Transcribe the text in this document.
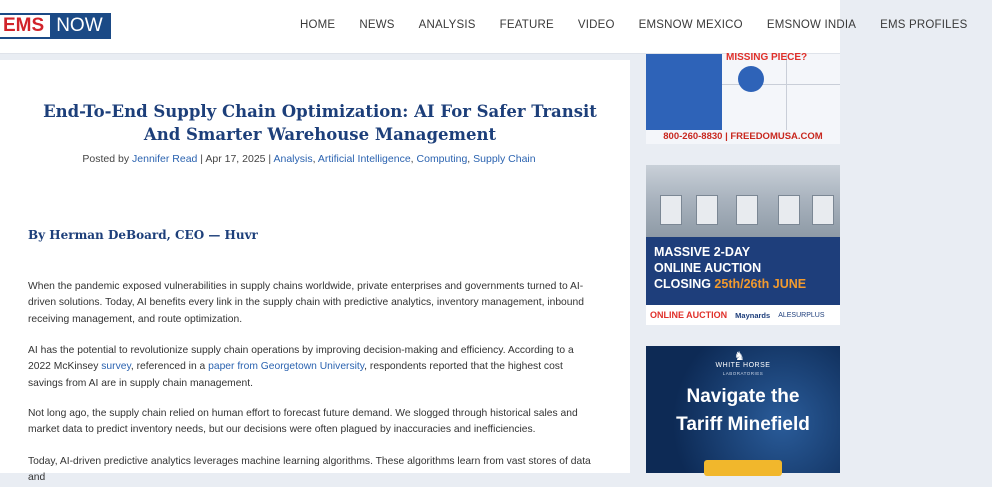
EMS NOW	HOME NEWS ANALYSIS FEATURE VIDEO EMSNOW MEXICO EMSNOW INDIA EMS PROFILES
End-To-End Supply Chain Optimization: AI For Safer Transit And Smarter Warehouse Management
Posted by Jennifer Read | Apr 17, 2025 | Analysis, Artificial Intelligence, Computing, Supply Chain
By Herman DeBoard, CEO — Huvr

When the pandemic exposed vulnerabilities in supply chains worldwide, private enterprises and governments turned to AI-driven solutions. Today, AI benefits every link in the supply chain with predictive analytics, inventory management, inbound receiving management, and route optimization.

AI has the potential to revolutionize supply chain operations by improving decision-making and efficiency. According to a 2022 McKinsey survey, referenced in a paper from Georgetown University, respondents reported that the highest cost savings from AI are in supply chain management.

Not long ago, the supply chain relied on human effort to forecast future demand. We slogged through historical sales and market data to predict inventory needs, but our decisions were often plagued by inaccuracies and inefficiencies.

Today, AI-driven predictive analytics leverages machine learning algorithms. These algorithms learn from vast stores of data and

MISSING PIECE?
800-260-8830 | FREEDOMUSA.COM
MASSIVE 2-DAY
ONLINE AUCTION
CLOSING 25th/26th JUNE
ONLINE AUCTION Maynards ALESURPLUS
♞
WHITE HORSE
LABORATORIES
Navigate the
Tariff Minefield
